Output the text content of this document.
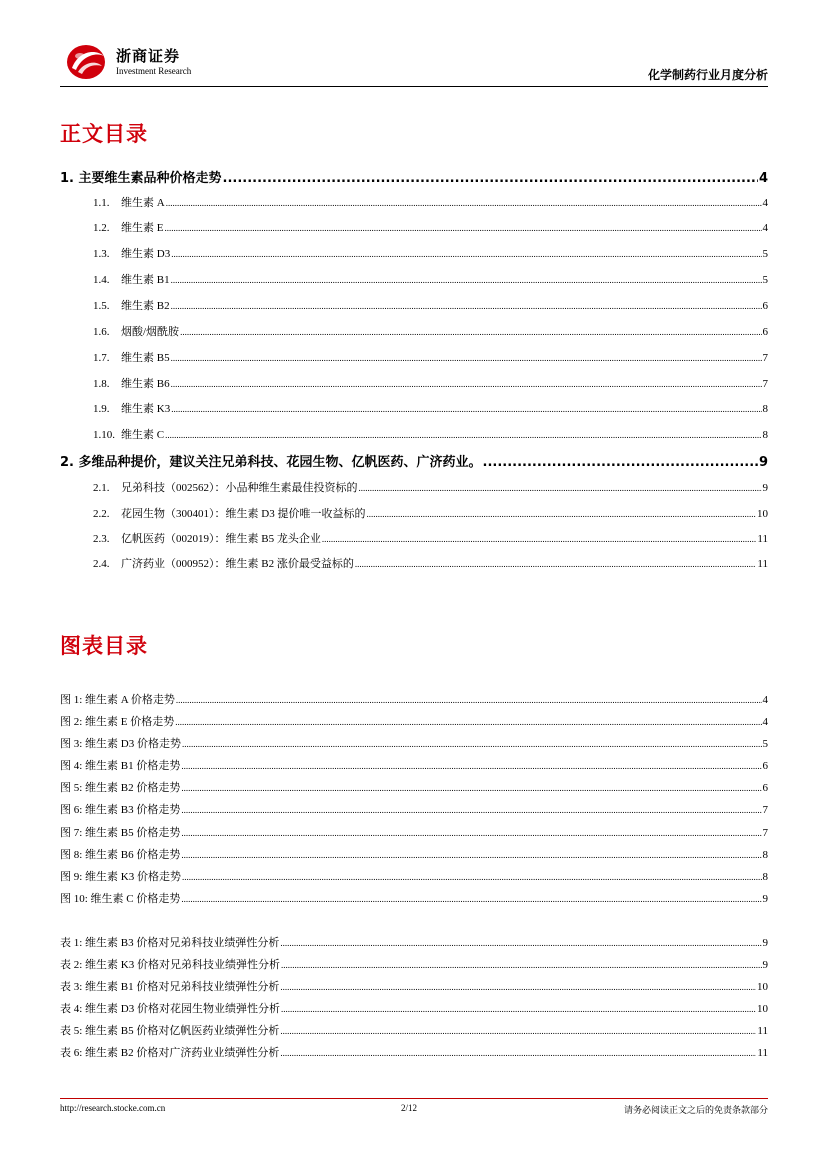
浙商证券
Investment Research	化学制药行业月度分析
正文目录
1. 主要维生素品种价格走势 .....	4
1.1. 维生素 A .....	4
1.2. 维生素 E .....	4
1.3. 维生素 D3 .....	5
1.4. 维生素 B1 .....	5
1.5. 维生素 B2 .....	6
1.6. 烟酸/烟酰胺 .....	6
1.7. 维生素 B5 .....	7
1.8. 维生素 B6 .....	7
1.9. 维生素 K3 .....	8
1.10. 维生素 C .....	8
2. 多维品种提价，建议关注兄弟科技、花园生物、亿帆医药、广济药业。 .....	9
2.1. 兄弟科技（002562）：小品种维生素最佳投资标的 .....	9
2.2. 花园生物（300401）：维生素 D3 提价唯一收益标的 .....	10
2.3. 亿帆医药（002019）：维生素 B5 龙头企业 .....	11
2.4. 广济药业（000952）：维生素 B2 涨价最受益标的 .....	11
图表目录
图 1: 维生素 A 价格走势 .....	4
图 2: 维生素 E 价格走势 .....	4
图 3: 维生素 D3 价格走势 .....	5
图 4: 维生素 B1 价格走势 .....	6
图 5: 维生素 B2 价格走势 .....	6
图 6: 维生素 B3 价格走势 .....	7
图 7: 维生素 B5 价格走势 .....	7
图 8: 维生素 B6 价格走势 .....	8
图 9: 维生素 K3 价格走势 .....	8
图 10: 维生素 C 价格走势 .....	9
表 1: 维生素 B3 价格对兄弟科技业绩弹性分析 .....	9
表 2: 维生素 K3 价格对兄弟科技业绩弹性分析 .....	9
表 3: 维生素 B1 价格对兄弟科技业绩弹性分析 .....	10
表 4: 维生素 D3 价格对花园生物业绩弹性分析 .....	10
表 5: 维生素 B5 价格对亿帆医药业绩弹性分析 .....	11
表 6: 维生素 B2 价格对广济药业业绩弹性分析 .....	11
http://research.stocke.com.cn	2/12	请务必阅读正文之后的免责条款部分
